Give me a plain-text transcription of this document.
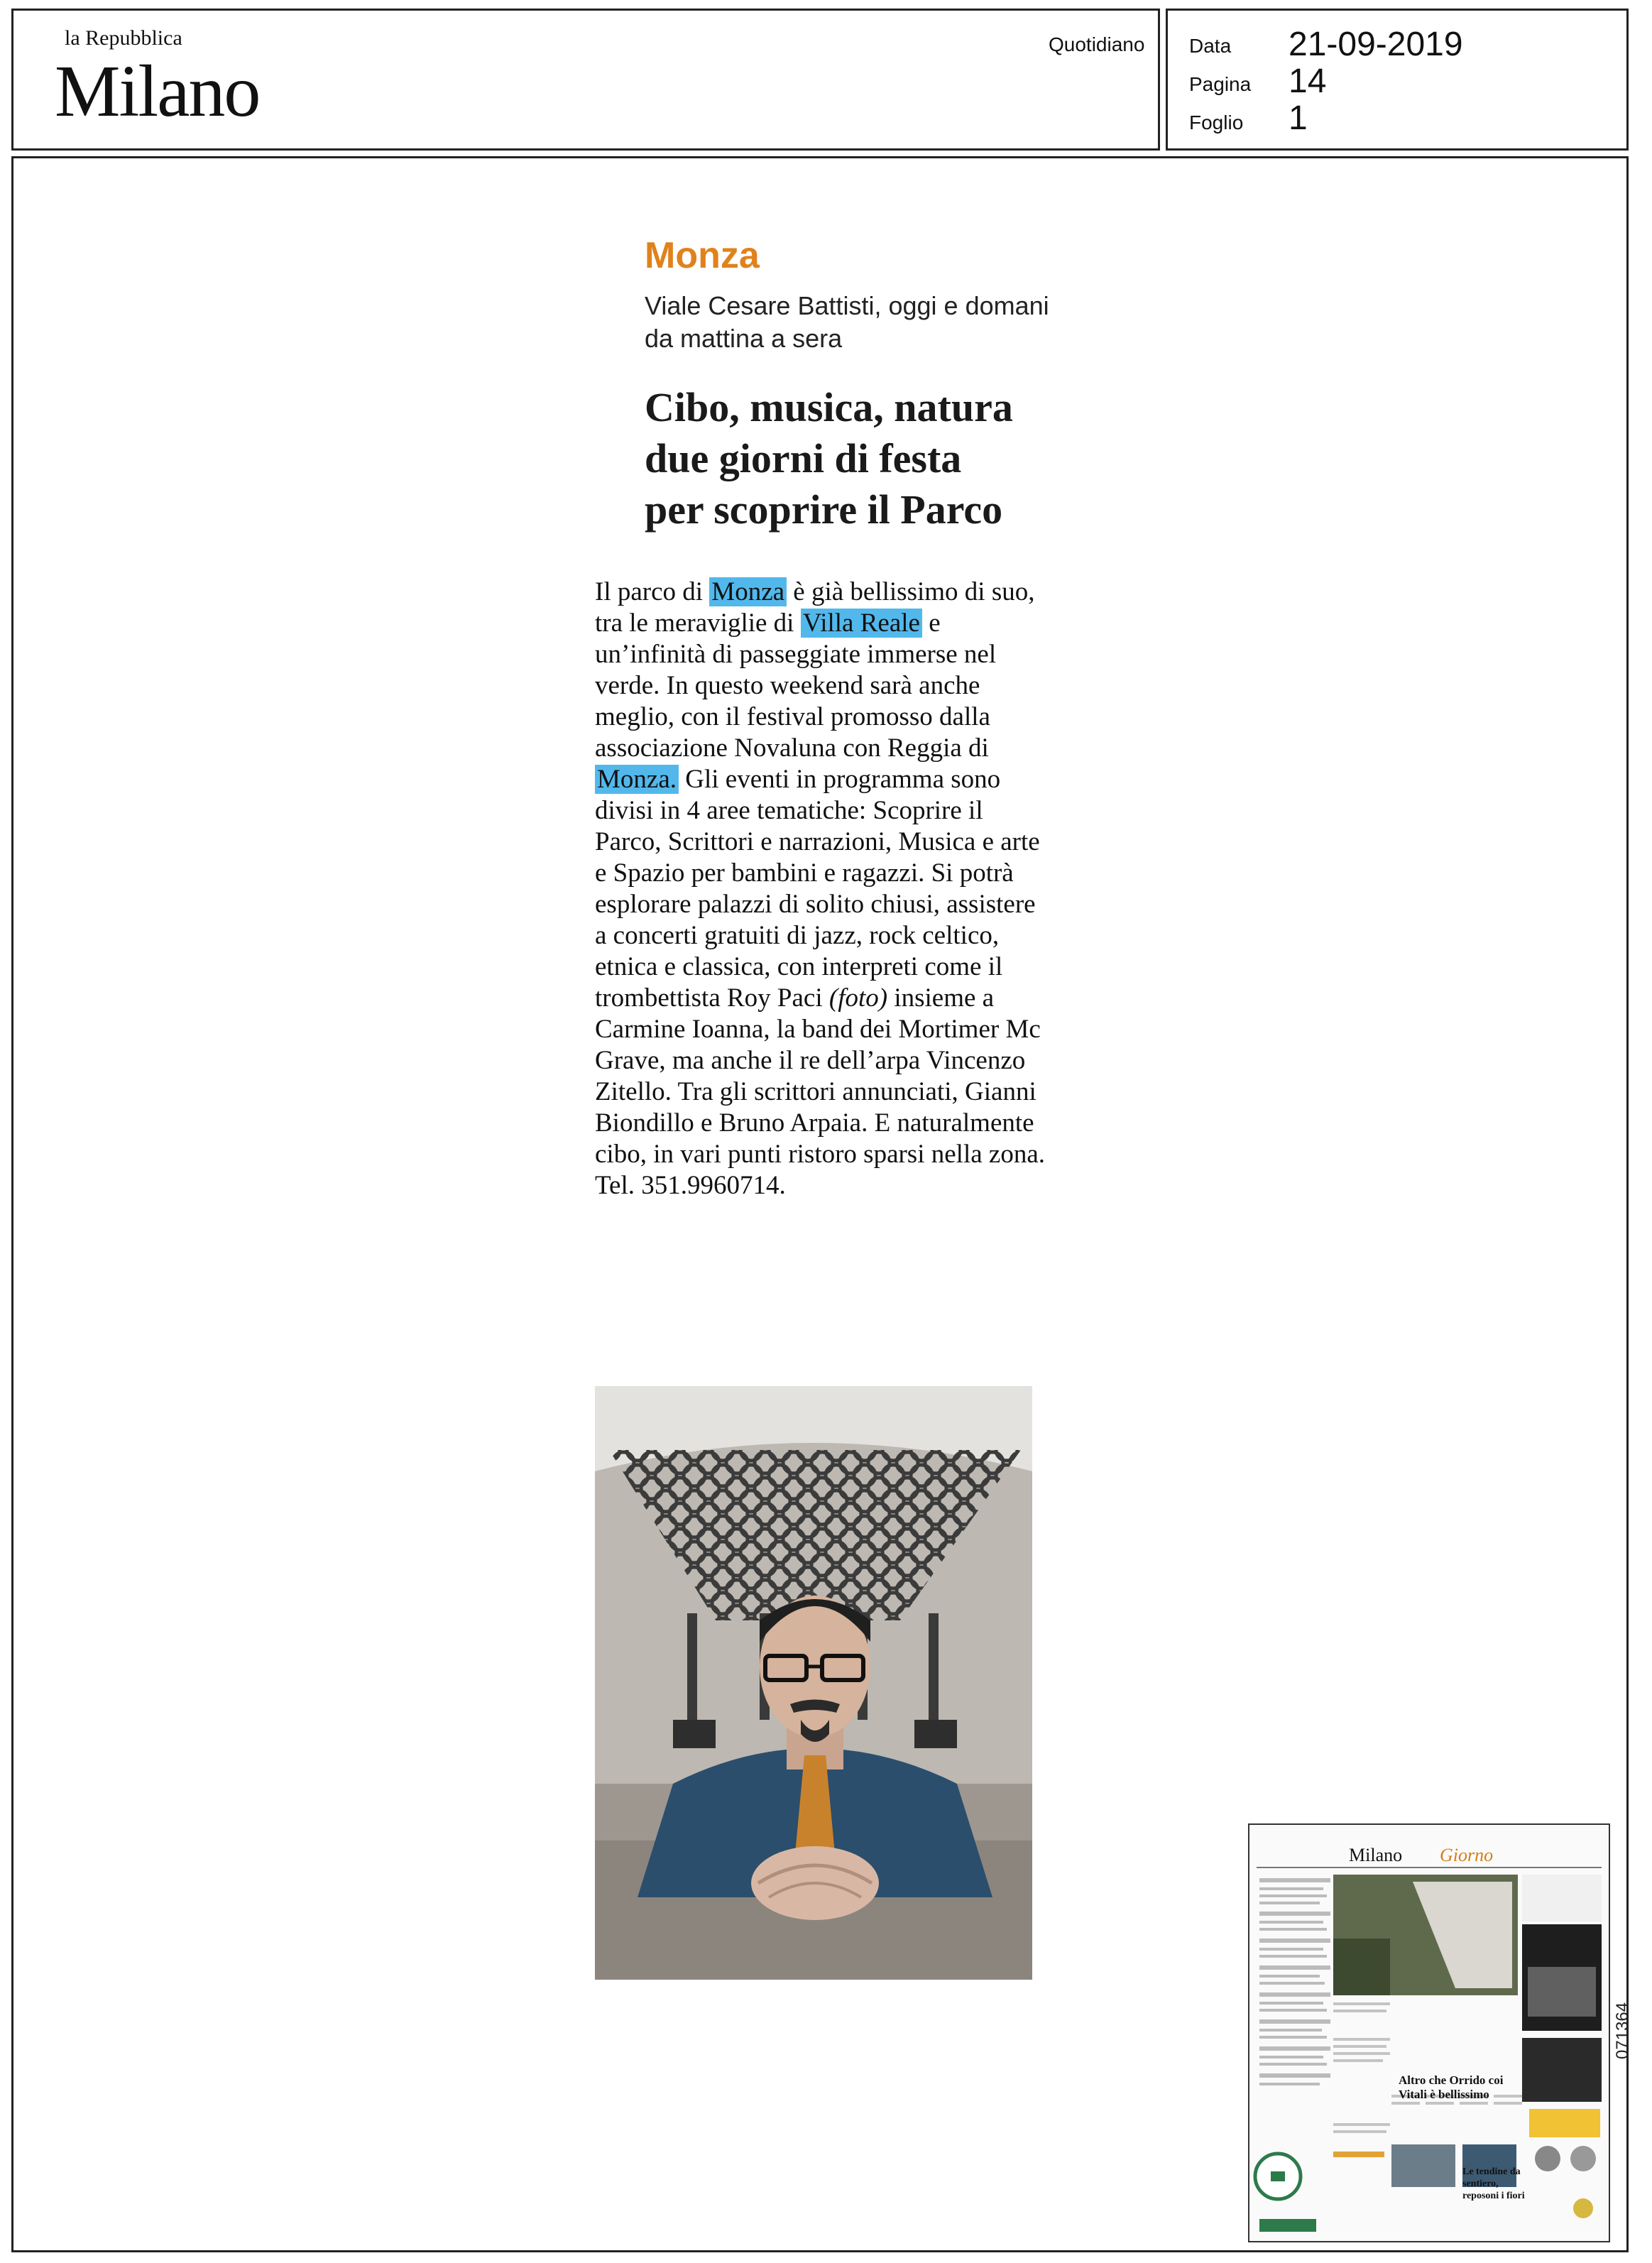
la Repubblica
Milano
Quotidiano Data 21-09-2019
Pagina 14
Foglio 1
Monza
Viale Cesare Battisti, oggi e domani da mattina a sera
Cibo, musica, natura
due giorni di festa
per scoprire il Parco
Il parco di Monza è già bellissimo di suo, tra le meraviglie di Villa Reale e un’infinità di passeggiate immerse nel verde. In questo weekend sarà anche meglio, con il festival promosso dalla associazione Novaluna con Reggia di Monza. Gli eventi in programma sono divisi in 4 aree tematiche: Scoprire il Parco, Scrittori e narrazioni, Musica e arte e Spazio per bambini e ragazzi. Si potrà esplorare palazzi di solito chiusi, assistere a concerti gratuiti di jazz, rock celtico, etnica e classica, con interpreti come il trombettista Roy Paci (foto) insieme a Carmine Ioanna, la band dei Mortimer Mc Grave, ma anche il re dell’arpa Vincenzo Zitello. Tra gli scrittori annunciati, Gianni Biondillo e Bruno Arpaia. E naturalmente cibo, in vari punti ristoro sparsi nella zona. Tel. 351.9960714.
Milano Giorno
Altro che Orrido coi Vitali è bellissimo
Le tendine da sentiero, reposoni i fiori
071364
